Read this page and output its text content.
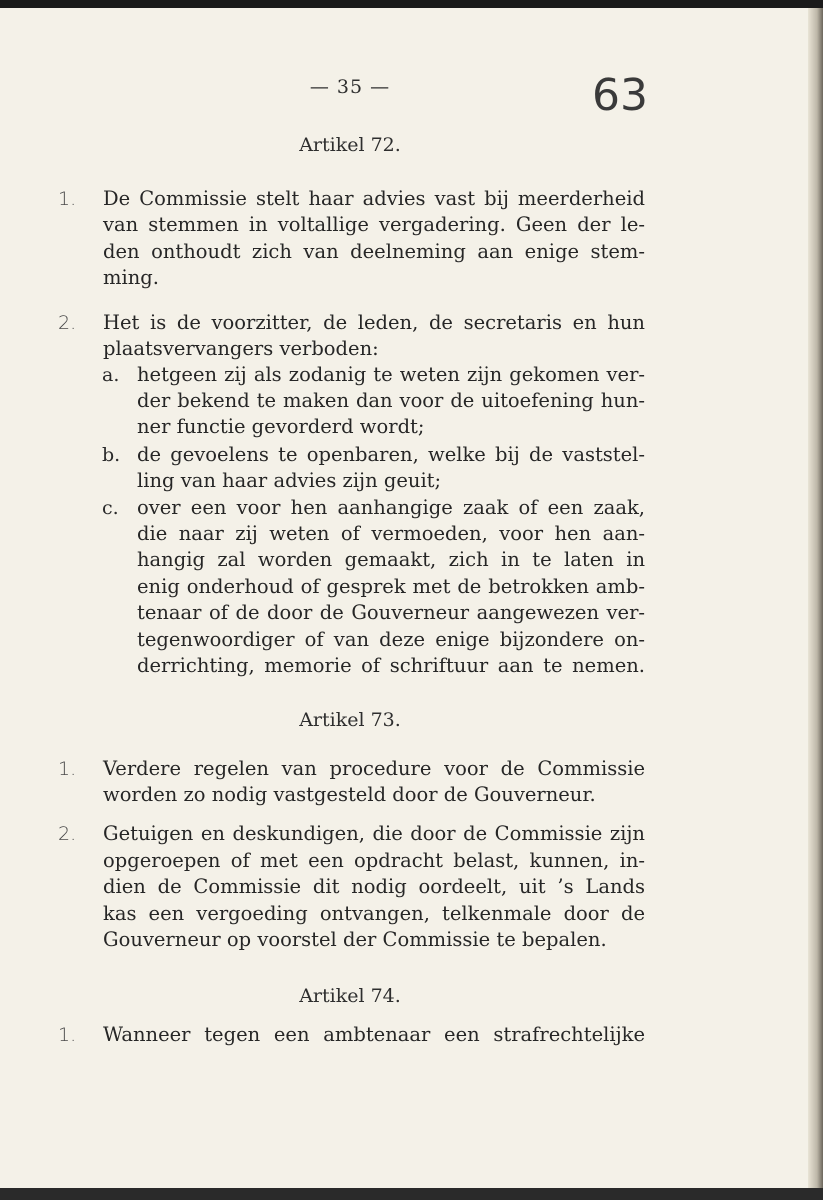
— 35 —	63
Artikel 72.
1. De Commissie stelt haar advies vast bij meerderheid
van stemmen in voltallige vergadering. Geen der le-
den onthoudt zich van deelneming aan enige stem-
ming.
2. Het is de voorzitter, de leden, de secretaris en hun
plaatsvervangers verboden:
a. hetgeen zij als zodanig te weten zijn gekomen ver-
der bekend te maken dan voor de uitoefening hun-
ner functie gevorderd wordt;
b. de gevoelens te openbaren, welke bij de vaststel-
ling van haar advies zijn geuit;
c. over een voor hen aanhangige zaak of een zaak,
die naar zij weten of vermoeden, voor hen aan-
hangig zal worden gemaakt, zich in te laten in
enig onderhoud of gesprek met de betrokken amb-
tenaar of de door de Gouverneur aangewezen ver-
tegenwoordiger of van deze enige bijzondere on-
derrichting, memorie of schriftuur aan te nemen.
Artikel 73.
1. Verdere regelen van procedure voor de Commissie
worden zo nodig vastgesteld door de Gouverneur.
2. Getuigen en deskundigen, die door de Commissie zijn
opgeroepen of met een opdracht belast, kunnen, in-
dien de Commissie dit nodig oordeelt, uit ’s Lands
kas een vergoeding ontvangen, telkenmale door de
Gouverneur op voorstel der Commissie te bepalen.
Artikel 74.
1. Wanneer tegen een ambtenaar een strafrechtelijke
